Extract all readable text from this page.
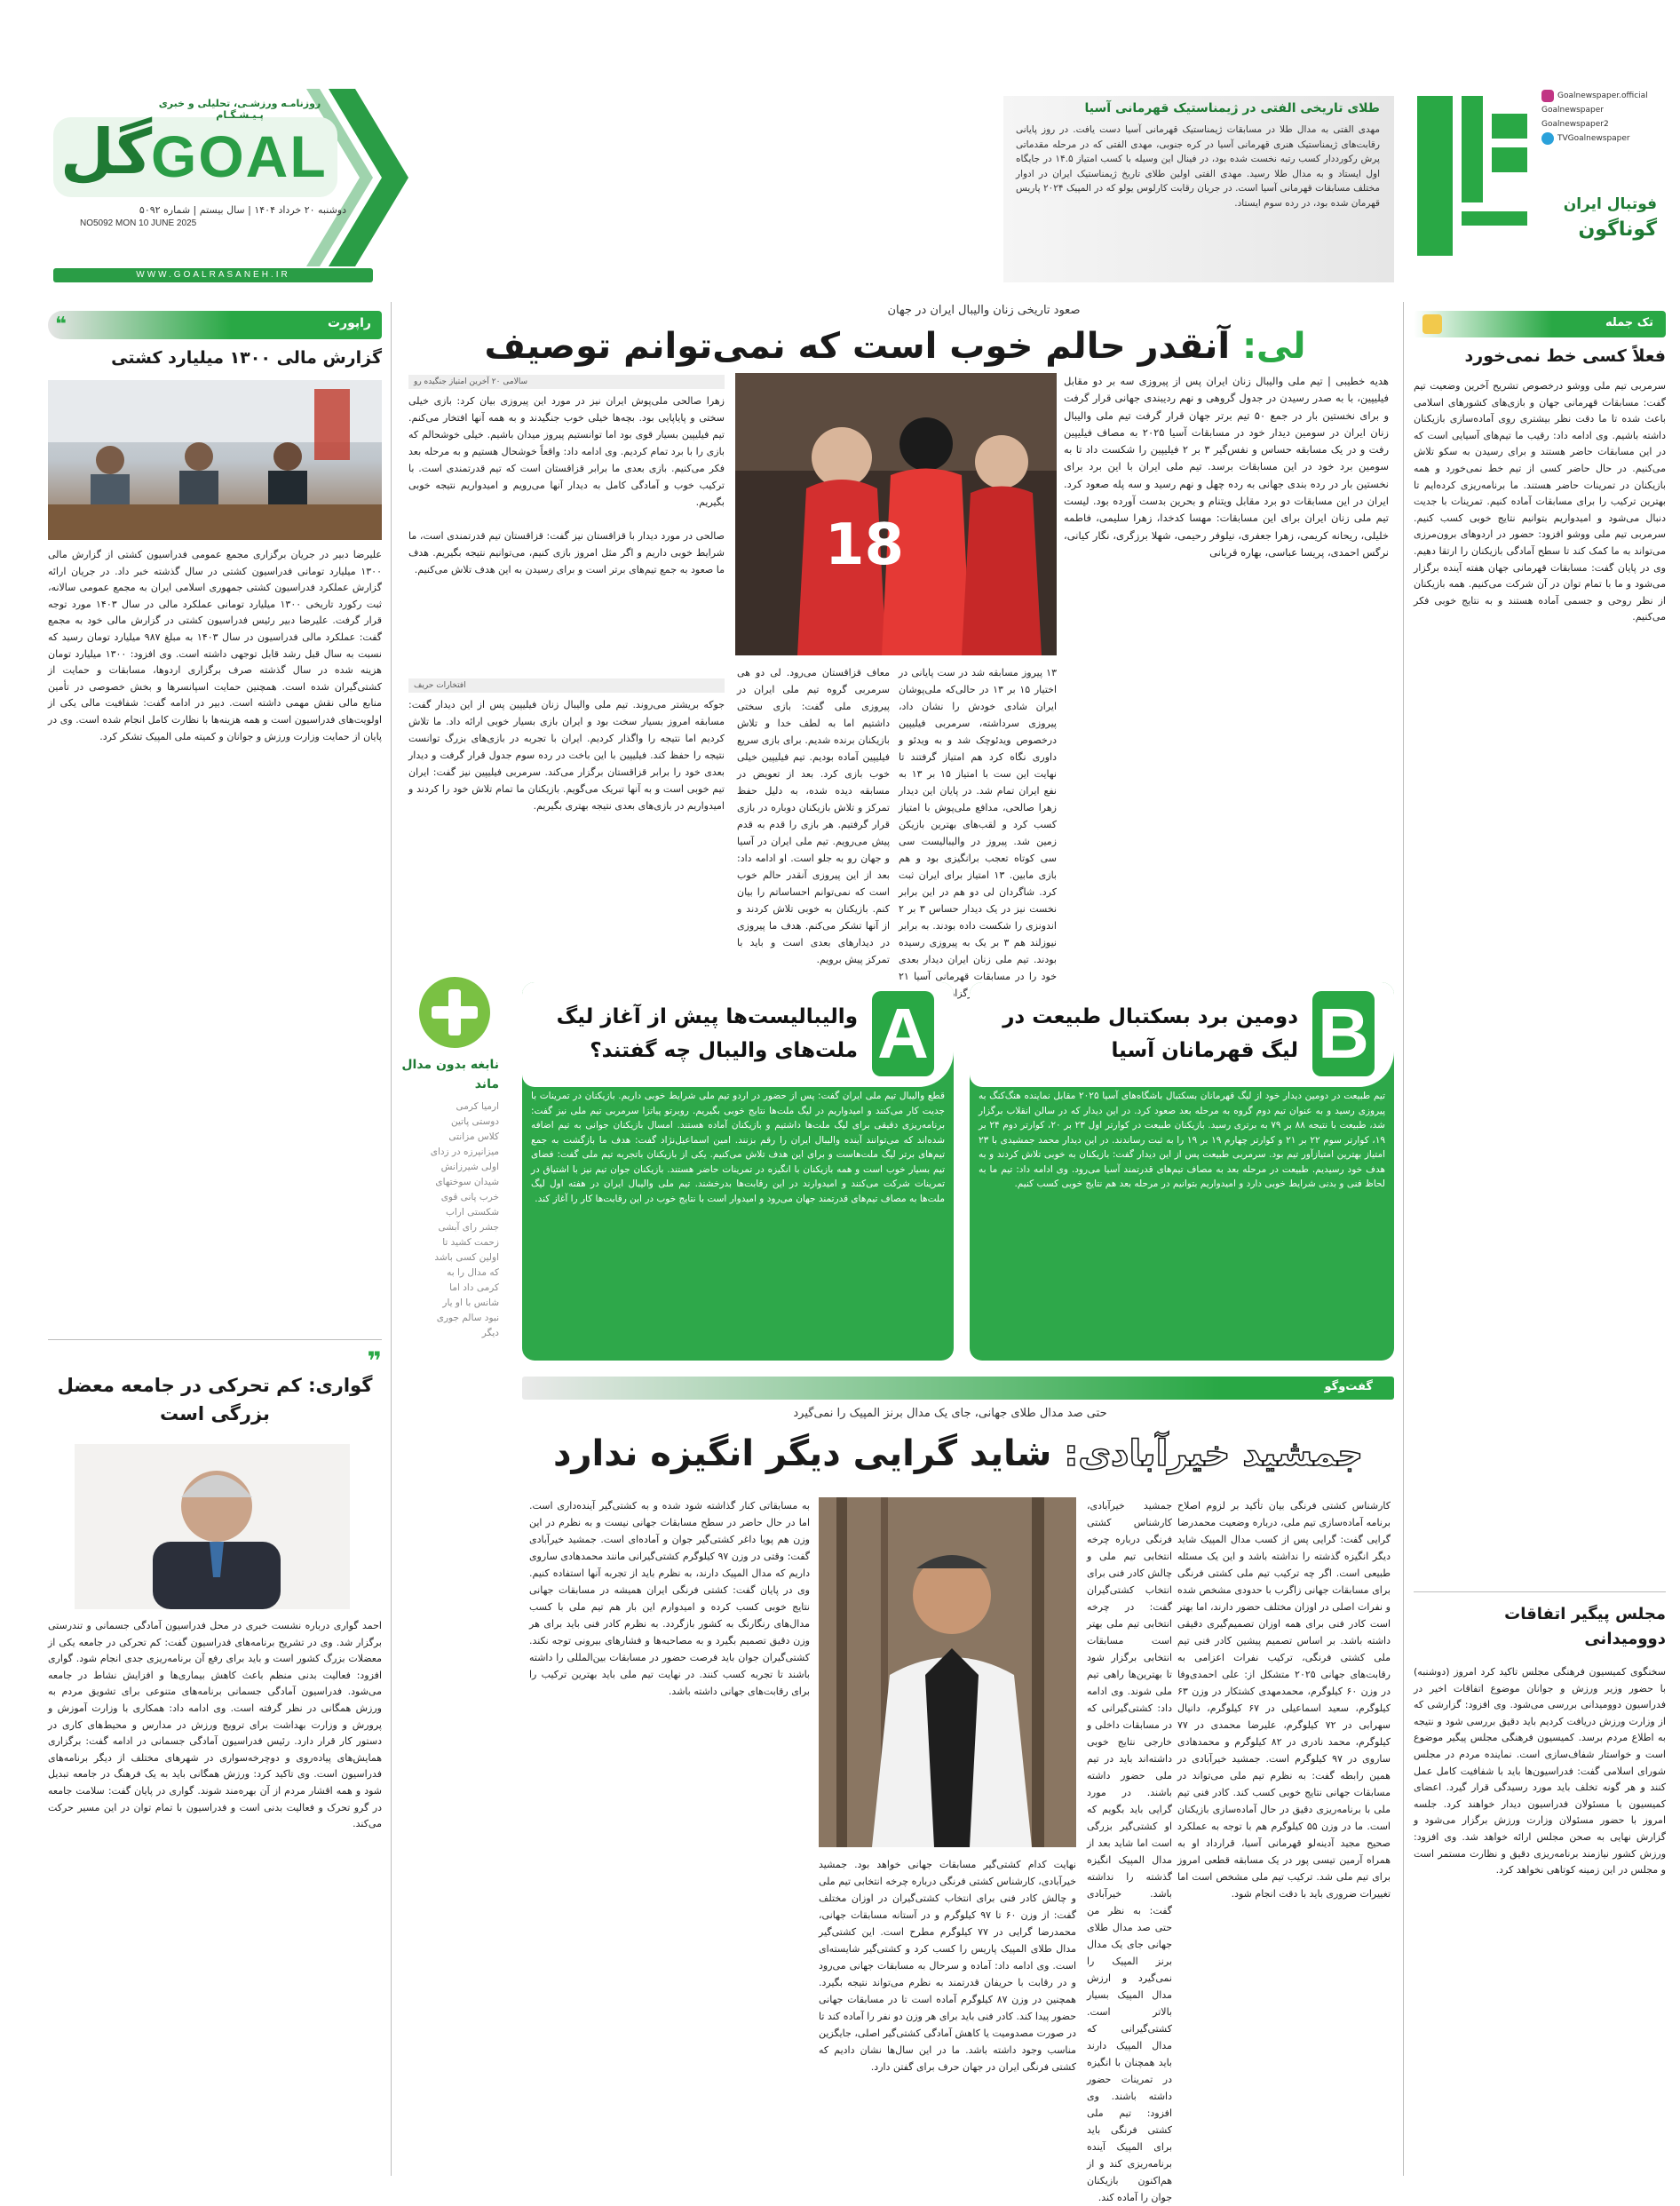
روزنامـه ورزشـی، تحلیلی و خبری پـیـشـگـام
گل
GOAL
دوشنبه ۲۰ خرداد ۱۴۰۴ | سال بیستم | شماره ۵۰۹۲
NO5092 MON 10 JUNE 2025
WWW.GOALRASANEH.IR
طلای تاریخی الفتی در ژیمناستیک قهرمانی آسیا
مهدی الفتی به مدال طلا در مسابقات ژیمناستیک قهرمانی آسیا دست یافت. در روز پایانی رقابت‌های ژیمناستیک هنری قهرمانی آسیا در کره جنوبی، مهدی الفتی که در مرحله مقدماتی پرش رکورددار کسب رتبه نخست شده بود، در فینال این وسیله با کسب امتیاز ۱۴.۵ در جایگاه اول ایستاد و به مدال طلا رسید. مهدی الفتی اولین طلای تاریخ ژیمناستیک ایران در ادوار مختلف مسابقات قهرمانی آسیا است. در جریان رقابت کارلوس یولو که در المپیک ۲۰۲۴ پاریس قهرمان شده بود، در رده سوم ایستاد.
Goalnewspaper.official
Goalnewspaper
Goalnewspaper2
TVGoalnewspaper
فوتبال ایران
گوناگون
تک جمله
فعلاً کسی خط نمی‌خورد
سرمربی تیم ملی ووشو درخصوص تشریح آخرین وضعیت تیم گفت: مسابقات قهرمانی جهان و بازی‌های کشورهای اسلامی باعث شده تا ما دقت نظر بیشتری روی آماده‌سازی بازیکنان داشته باشیم. وی ادامه داد: رقیب ما تیم‌های آسیایی است که در این مسابقات حاضر هستند و برای رسیدن به سکو تلاش می‌کنیم. در حال حاضر کسی از تیم خط نمی‌خورد و همه بازیکنان در تمرینات حاضر هستند. ما برنامه‌ریزی کرده‌ایم تا بهترین ترکیب را برای مسابقات آماده کنیم. تمرینات با جدیت دنبال می‌شود و امیدواریم بتوانیم نتایج خوبی کسب کنیم. سرمربی تیم ملی ووشو افزود: حضور در اردوهای برون‌مرزی می‌تواند به ما کمک کند تا سطح آمادگی بازیکنان را ارتقا دهیم. وی در پایان گفت: مسابقات قهرمانی جهان هفته آینده برگزار می‌شود و ما با تمام توان در آن شرکت می‌کنیم. همه بازیکنان از نظر روحی و جسمی آماده هستند و به نتایج خوبی فکر می‌کنیم.
مجلس پیگیر اتفاقات دوومیدانی
سخنگوی کمیسیون فرهنگی مجلس تاکید کرد امروز (دوشنبه) با حضور وزیر ورزش و جوانان موضوع اتفاقات اخیر در فدراسیون دوومیدانی بررسی می‌شود. وی افزود: گزارشی که از وزارت ورزش دریافت کردیم باید دقیق بررسی شود و نتیجه به اطلاع مردم برسد. کمیسیون فرهنگی مجلس پیگیر موضوع است و خواستار شفاف‌سازی است. نماینده مردم در مجلس شورای اسلامی گفت: فدراسیون‌ها باید با شفافیت کامل عمل کنند و هر گونه تخلف باید مورد رسیدگی قرار گیرد. اعضای کمیسیون با مسئولان فدراسیون دیدار خواهند کرد. جلسه امروز با حضور مسئولان وزارت ورزش برگزار می‌شود و گزارش نهایی به صحن مجلس ارائه خواهد شد. وی افزود: ورزش کشور نیازمند برنامه‌ریزی دقیق و نظارت مستمر است و مجلس در این زمینه کوتاهی نخواهد کرد.
راپورت
❝
گزارش مالی ۱۳۰۰ میلیارد کشتی
علیرضا دبیر در جریان برگزاری مجمع عمومی فدراسیون کشتی از گزارش مالی ۱۳۰۰ میلیارد تومانی فدراسیون کشتی در سال گذشته خبر داد. در جریان ارائه گزارش عملکرد فدراسیون کشتی جمهوری اسلامی ایران به مجمع عمومی سالانه، ثبت رکورد تاریخی ۱۳۰۰ میلیارد تومانی عملکرد مالی در سال ۱۴۰۳ مورد توجه قرار گرفت. علیرضا دبیر رئیس فدراسیون کشتی در گزارش مالی خود به مجمع گفت: عملکرد مالی فدراسیون در سال ۱۴۰۳ به مبلغ ۹۸۷ میلیارد تومان رسید که نسبت به سال قبل رشد قابل توجهی داشته است. وی افزود: ۱۳۰۰ میلیارد تومان هزینه شده در سال گذشته صرف برگزاری اردوها، مسابقات و حمایت از کشتی‌گیران شده است. همچنین حمایت اسپانسرها و بخش خصوصی در تأمین منابع مالی نقش مهمی داشته است. دبیر در ادامه گفت: شفافیت مالی یکی از اولویت‌های فدراسیون است و همه هزینه‌ها با نظارت کامل انجام شده است. وی در پایان از حمایت وزارت ورزش و جوانان و کمیته ملی المپیک تشکر کرد.
❞
گواری: کم تحرکی در جامعه معضل بزرگی است
احمد گواری درباره نشست خبری در محل فدراسیون آمادگی جسمانی و تندرستی برگزار شد. وی در تشریح برنامه‌های فدراسیون گفت: کم تحرکی در جامعه یکی از معضلات بزرگ کشور است و باید برای رفع آن برنامه‌ریزی جدی انجام شود. گواری افزود: فعالیت بدنی منظم باعث کاهش بیماری‌ها و افزایش نشاط در جامعه می‌شود. فدراسیون آمادگی جسمانی برنامه‌های متنوعی برای تشویق مردم به ورزش همگانی در نظر گرفته است. وی ادامه داد: همکاری با وزارت آموزش و پرورش و وزارت بهداشت برای ترویج ورزش در مدارس و محیط‌های کاری در دستور کار قرار دارد. رئیس فدراسیون آمادگی جسمانی در ادامه گفت: برگزاری همایش‌های پیاده‌روی و دوچرخه‌سواری در شهرهای مختلف از دیگر برنامه‌های فدراسیون است. وی تاکید کرد: ورزش همگانی باید به یک فرهنگ در جامعه تبدیل شود و همه اقشار مردم از آن بهره‌مند شوند. گواری در پایان گفت: سلامت جامعه در گرو تحرک و فعالیت بدنی است و فدراسیون با تمام توان در این مسیر حرکت می‌کند.
صعود تاریخی زنان والیبال ایران در جهان
لی: آنقدر حالم خوب است که نمی‌توانم توصیف
18
هدیه خطیبی | تیم ملی والیبال زنان ایران پس از پیروزی سه بر دو مقابل فیلیپین، با به صدر رسیدن در جدول گروهی و نهم ردیبندی جهانی قرار گرفت و برای نخستین بار در جمع ۵۰ تیم برتر جهان قرار گرفت تیم ملی والیبال زنان ایران در سومین دیدار خود در مسابقات آسیا ۲۰۲۵ به مصاف فیلیپین رفت و در یک مسابقه حساس و نفس‌گیر ۳ بر ۲ فیلیپین را شکست داد تا به سومین برد خود در این مسابقات برسد. تیم ملی ایران با این برد برای نخستین بار در رده بندی جهانی به رده چهل و نهم رسید و سه پله صعود کرد. ایران در این مسابقات دو برد مقابل ویتنام و بحرین بدست آورده بود. لیست تیم ملی زنان ایران برای این مسابقات: مهسا کدخدا، زهرا سلیمی، فاطمه خلیلی، ریحانه کریمی، زهرا جعفری، نیلوفر رحیمی، شهلا برزگری، نگار کیانی، نرگس احمدی، پریسا عباسی، بهاره قربانی
۱۳ پیروز مسابقه شد در ست پایانی در اختیار ۱۵ بر ۱۳ در حالی‌که ملی‌پوشان ایران شادی خودش را نشان داد، پیروزی سرداشته، سرمربی فیلیپین درخصوص ویدئوچک شد و به ویدئو و داوری نگاه کرد هم امتیاز گرفتند تا نهایت این ست با امتیاز ۱۵ بر ۱۳ به نفع ایران تمام شد. در پایان این دیدار زهرا صالحی، مدافع ملی‌پوش با امتیاز کسب کرد و لقب‌های بهترین بازیکن زمین شد. پیروز در والیبالیست سی سی کوتاه تعجب برانگیزی بود و هم بازی مابین. ۱۳ امتیاز برای ایران ثبت کرد. شاگردان لی دو هم در این برابر نخست نیز در یک دیدار حساس ۳ بر ۲ اندونزی را شکست داده بودند. به برابر نیوزلند هم ۳ بر یک به پیروزی رسیده بودند. تیم ملی زنان ایران دیدار بعدی خود را در مسابقات قهرمانی آسیا ۲۱ برگزار
معاف قزاقستان می‌رود. لی دو هی سرمربی گروه تیم ملی ایران در پیروزی ملی گفت: بازی سختی داشتیم اما به لطف خدا و تلاش بازیکنان برنده شدیم. برای بازی سریع فیلیپین آماده بودیم. تیم فیلیپین خیلی خوب بازی کرد. بعد از تعویض در مسابقه دیده شده، به دلیل حفظ تمرکز و تلاش بازیکنان دوباره در بازی قرار گرفتیم. هر بازی را قدم به قدم پیش می‌رویم. تیم ملی ایران در آسیا و جهان رو به جلو است. او ادامه داد: بعد از این پیروزی آنقدر حالم خوب است که نمی‌توانم احساساتم را بیان کنم. بازیکنان به خوبی تلاش کردند و از آنها تشکر می‌کنم. هدف ما پیروزی در دیدارهای بعدی است و باید با تمرکز پیش برویم.
سالامی ۲۰ آخرین امتیاز جنگیده رو
زهرا صالحی ملی‌پوش ایران نیز در مورد این پیروزی بیان کرد: بازی خیلی سختی و پایاپایی بود. بچه‌ها خیلی خوب جنگیدند و به همه آنها افتخار می‌کنم. تیم فیلیپین بسیار قوی بود اما توانستیم پیروز میدان باشیم. خیلی خوشحالم که بازی را با برد تمام کردیم. وی ادامه داد: واقعاً خوشحال هستیم و به مرحله بعد فکر می‌کنیم. بازی بعدی ما برابر قزاقستان است که تیم قدرتمندی است. با ترکیب خوب و آمادگی کامل به دیدار آنها می‌رویم و امیدواریم نتیجه خوبی بگیریم.

صالحی در مورد دیدار با قزاقستان نیز گفت: قزاقستان تیم قدرتمندی است، ما شرایط خوبی داریم و اگر مثل امروز بازی کنیم، می‌توانیم نتیجه بگیریم. هدف ما صعود به جمع تیم‌های برتر است و برای رسیدن به این هدف تلاش می‌کنیم.
افتخارات حریف
جوکه بریشتر می‌روند. تیم ملی والیبال زنان فیلیپین پس از این دیدار گفت: مسابقه امروز بسیار سخت بود و ایران بازی بسیار خوبی ارائه داد. ما تلاش کردیم اما نتیجه را واگذار کردیم. ایران با تجربه در بازی‌های بزرگ توانست نتیجه را حفظ کند. فیلیپین با این باخت در رده سوم جدول قرار گرفت و دیدار بعدی خود را برابر قزاقستان برگزار می‌کند. سرمربی فیلیپین نیز گفت: ایران تیم خوبی است و به آنها تبریک می‌گویم. بازیکنان ما تمام تلاش خود را کردند و امیدواریم در بازی‌های بعدی نتیجه بهتری بگیریم.
نابغه بدون مدال ماند
ارمیا کرمی دوستی پاتین کلاس مزانتی میزانپرزه در زدای اولی شیرزانش شیدان سوختهای خرب پانی قوی شکستی اراب جشر رای آبشی زحمت کشید تا اولین کسی باشد که مدال را به کرمی داد اما شانس با او یار نبود سالم جوری دیگر
B
دومین برد بسکتبال طبیعت در لیگ قهرمانان آسیا
تیم طبیعت در دومین دیدار خود از لیگ قهرمانان بسکتبال باشگاه‌های آسیا ۲۰۲۵ مقابل نماینده هنگ‌کنگ به پیروزی رسید و به عنوان تیم دوم گروه به مرحله بعد صعود کرد. در این دیدار که در سالن انقلاب برگزار شد، طبیعت با نتیجه ۸۸ بر ۷۹ به برتری رسید. بازیکنان طبیعت در کوارتر اول ۲۳ بر ۲۰، کوارتر دوم ۲۴ بر ۱۹، کوارتر سوم ۲۲ بر ۲۱ و کوارتر چهارم ۱۹ بر ۱۹ را به ثبت رساندند. در این دیدار محمد جمشیدی با ۲۳ امتیاز بهترین امتیازآور تیم بود. سرمربی طبیعت پس از این دیدار گفت: بازیکنان به خوبی تلاش کردند و به هدف خود رسیدیم. طبیعت در مرحله بعد به مصاف تیم‌های قدرتمند آسیا می‌رود. وی ادامه داد: تیم ما به لحاظ فنی و بدنی شرایط خوبی دارد و امیدواریم بتوانیم در مرحله بعد هم نتایج خوبی کسب کنیم.
A
والیبالیست‌ها پیش از آغاز لیگ ملت‌های والیبال چه گفتند؟
قطع والیبال تیم ملی ایران گفت: پس از حضور در اردو تیم ملی شرایط خوبی داریم. بازیکنان در تمرینات با جدیت کار می‌کنند و امیدواریم در لیگ ملت‌ها نتایج خوبی بگیریم. روبرتو پیاتزا سرمربی تیم ملی نیز گفت: برنامه‌ریزی دقیقی برای لیگ ملت‌ها داشتیم و بازیکنان آماده هستند. امسال بازیکنان جوانی به تیم اضافه شده‌اند که می‌توانند آینده والیبال ایران را رقم بزنند. امین اسماعیل‌نژاد گفت: هدف ما بازگشت به جمع تیم‌های برتر لیگ ملت‌هاست و برای این هدف تلاش می‌کنیم. یکی از بازیکنان باتجربه تیم ملی گفت: فضای تیم بسیار خوب است و همه بازیکنان با انگیزه در تمرینات حاضر هستند. بازیکنان جوان تیم نیز با اشتیاق در تمرینات شرکت می‌کنند و امیدوارند در این رقابت‌ها بدرخشند. تیم ملی والیبال ایران در هفته اول لیگ ملت‌ها به مصاف تیم‌های قدرتمند جهان می‌رود و امیدوار است با نتایج خوب در این رقابت‌ها کار را آغاز کند.
گفت‌وگو
حتی صد مدال طلای جهانی، جای یک مدال برنز المپیک را نمی‌گیرد
جمشید خیرآبادی: شاید گرایی دیگر انگیزه ندارد
کارشناس کشتی فرنگی بیان تأکید بر لزوم اصلاح برنامه آماده‌سازی تیم ملی، درباره وضعیت محمدرضا گرایی گفت: گرایی پس از کسب مدال المپیک شاید دیگر انگیزه گذشته را نداشته باشد و این یک مسئله طبیعی است. اگر چه ترکیب تیم ملی کشتی فرنگی برای مسابقات جهانی زاگرب با حدودی مشخص شده و نفرات اصلی در اوزان مختلف حضور دارند، اما بهتر است کادر فنی برای همه اوزان تصمیم‌گیری دقیقی داشته باشد. بر اساس تصمیم پیشین کادر فنی تیم ملی کشتی فرنگی، ترکیب نفرات اعزامی به رقابت‌های جهانی ۲۰۲۵ متشکل از: علی احمدی‌وفا در وزن ۶۰ کیلوگرم، محمدمهدی کشتکار در وزن ۶۳ کیلوگرم، سعید اسماعیلی در ۶۷ کیلوگرم، دانیال سهرابی در ۷۲ کیلوگرم، علیرضا محمدی در ۷۷ کیلوگرم، محمد نادری در ۸۲ کیلوگرم و محمدهادی ساروی در ۹۷ کیلوگرم است. جمشید خیرآبادی در همین رابطه گفت: به نظرم تیم ملی می‌تواند در مسابقات جهانی نتایج خوبی کسب کند. کادر فنی تیم ملی با برنامه‌ریزی دقیق در حال آماده‌سازی بازیکنان است. ما در وزن ۵۵ کیلوگرم هم با توجه به عملکرد صحیح مجید آدینه‌لو قهرمانی آسیا، قرارداد او به همراه آرمین تیسی پور در یک مسابقه قطعی امروز برای تیم ملی شد. ترکیب تیم ملی مشخص است اما تغییرات ضروری باید با دقت انجام شود.
نهایت کدام کشتی‌گیر مسابقات جهانی خواهد بود. جمشید خیرآبادی، کارشناس کشتی فرنگی درباره چرخه انتخابی تیم ملی و چالش کادر فنی برای انتخاب کشتی‌گیران در اوزان مختلف گفت: از وزن ۶۰ تا ۹۷ کیلوگرم و در آستانه مسابقات جهانی، محمدرضا گرایی در ۷۷ کیلوگرم مطرح است. این کشتی‌گیر مدال طلای المپیک پاریس را کسب کرد و کشتی‌گیر شایسته‌ای است. وی ادامه داد: آماده و سرحال به مسابقات جهانی می‌رود و در رقابت با حریفان قدرتمند به نظرم می‌تواند نتیجه بگیرد. همچنین در وزن ۸۷ کیلوگرم آماده است تا در مسابقات جهانی حضور پیدا کند. کادر فنی باید برای هر وزن دو نفر را آماده کند تا در صورت مصدومیت یا کاهش آمادگی کشتی‌گیر اصلی، جایگزین مناسب وجود داشته باشد. ما در این سال‌ها نشان دادیم که کشتی فرنگی ایران در جهان حرف برای گفتن دارد.
به مسابقاتی کنار گذاشته شود شده و به کشتی‌گیر آینده‌داری است. اما در حال حاضر در سطح مسابقات جهانی نیست و به نظرم در این وزن هم پویا داغر کشتی‌گیر جوان و آماده‌ای است. جمشید خیرآبادی گفت: وقتی در وزن ۹۷ کیلوگرم کشتی‌گیرانی مانند محمدهادی ساروی داریم که مدال المپیک دارند، به نظرم باید از تجربه آنها استفاده کنیم. وی در پایان گفت: کشتی فرنگی ایران همیشه در مسابقات جهانی نتایج خوبی کسب کرده و امیدوارم این بار هم تیم ملی با کسب مدال‌های رنگارنگ به کشور بازگردد. به نظرم کادر فنی باید برای هر وزن دقیق تصمیم بگیرد و به مصاحبه‌ها و فشارهای بیرونی توجه نکند. کشتی‌گیران جوان باید فرصت حضور در مسابقات بین‌المللی را داشته باشند تا تجربه کسب کنند. در نهایت تیم ملی باید بهترین ترکیب را برای رقابت‌های جهانی داشته باشد.
جمشید خیرآبادی، کارشناس کشتی فرنگی درباره چرخه انتخابی تیم ملی و چالش کادر فنی برای انتخاب کشتی‌گیران گفت: در چرخه انتخابی تیم ملی بهتر است مسابقات انتخابی برگزار شود تا بهترین‌ها راهی تیم ملی شوند. وی ادامه داد: کشتی‌گیرانی که در مسابقات داخلی و خارجی نتایج خوبی داشته‌اند باید در تیم ملی حضور داشته باشند. در مورد گرایی باید بگویم که او کشتی‌گیر بزرگی است اما شاید بعد از مدال المپیک انگیزه گذشته را نداشته باشد. خیرآبادی گفت: به نظر من حتی صد مدال طلای جهانی جای یک مدال برنز المپیک را نمی‌گیرد و ارزش مدال المپیک بسیار بالاتر است. کشتی‌گیرانی که مدال المپیک دارند باید همچنان با انگیزه در تمرینات حضور داشته باشند. وی افزود: تیم ملی کشتی فرنگی باید برای المپیک آینده برنامه‌ریزی کند و از هم‌اکنون بازیکنان جوان را آماده کند.
